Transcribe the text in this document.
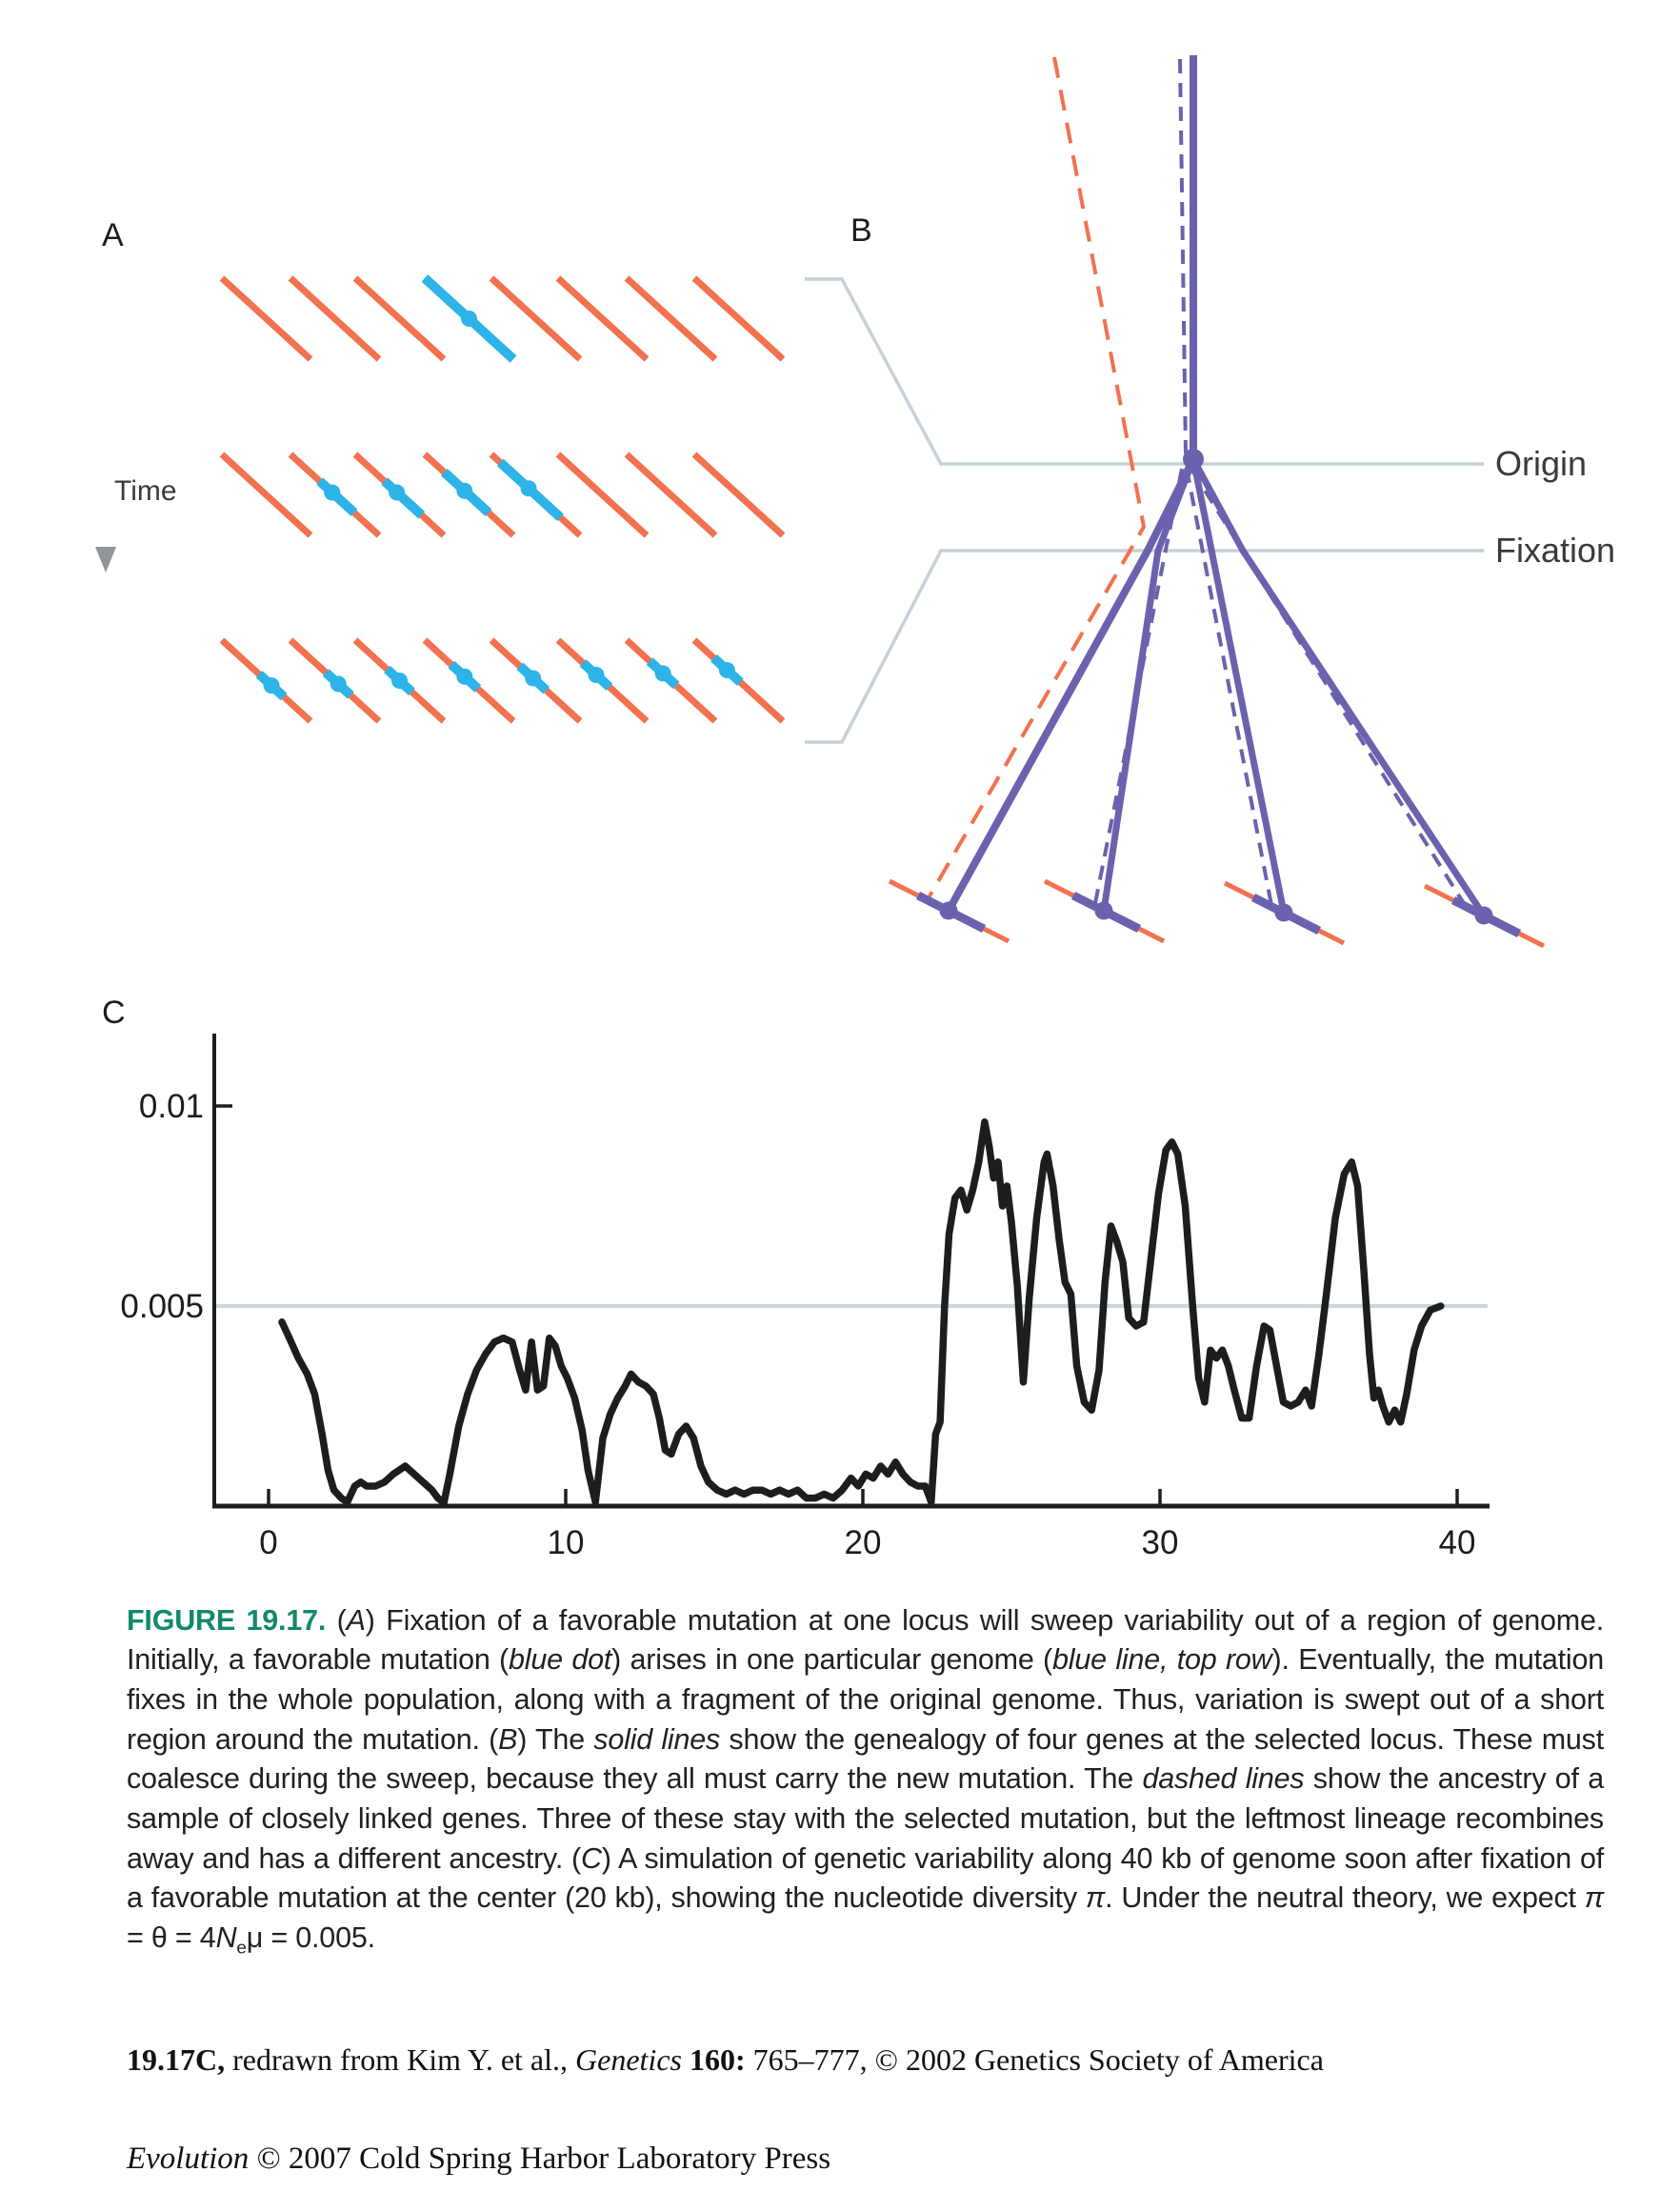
A
Time
B
Origin
Fixation
C
0.01
0.005
0	10	20	30	40

FIGURE 19.17. (A) Fixation of a favorable mutation at one locus will sweep variability out of a region of genome. Initially, a favorable mutation (blue dot) arises in one particular genome (blue line, top row). Eventually, the mutation fixes in the whole population, along with a fragment of the original genome. Thus, variation is swept out of a short region around the mutation. (B) The solid lines show the genealogy of four genes at the selected locus. These must coalesce during the sweep, because they all must carry the new mutation. The dashed lines show the ancestry of a sample of closely linked genes. Three of these stay with the selected mutation, but the leftmost lineage recombines away and has a different ancestry. (C) A simulation of genetic variability along 40 kb of genome soon after fixation of a favorable mutation at the center (20 kb), showing the nucleotide diversity π. Under the neutral theory, we expect $\pi = \theta = 4N_e\mu = 0.005$.

19.17C, redrawn from Kim Y. et al., Genetics 160: 765–777, © 2002 Genetics Society of America

Evolution © 2007 Cold Spring Harbor Laboratory Press
